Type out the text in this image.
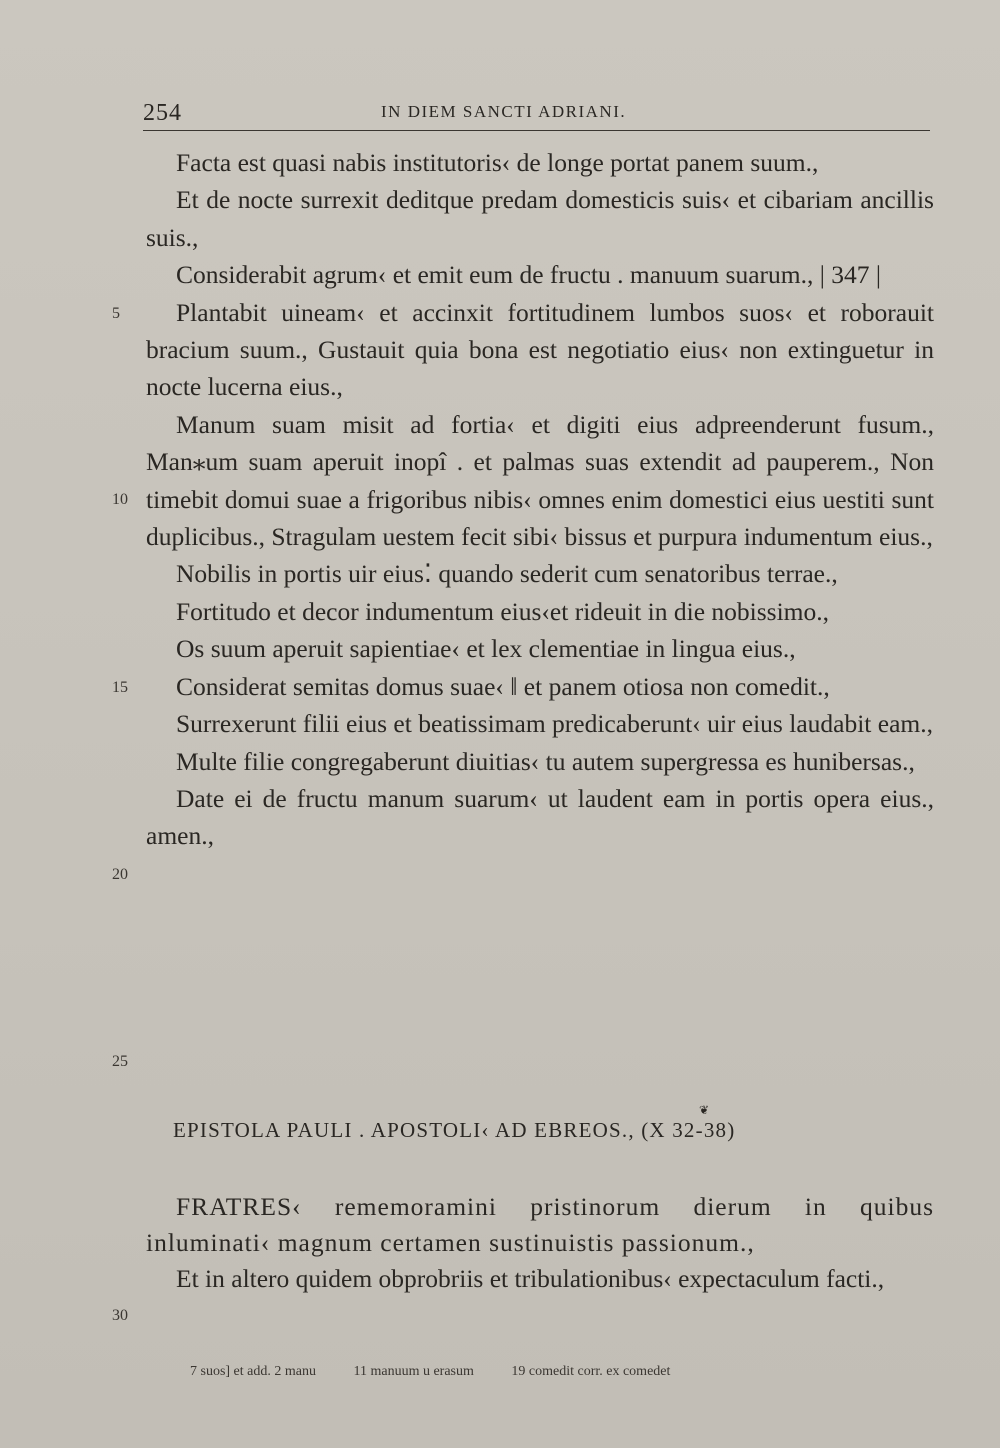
254	IN DIEM SANCTI ADRIANI.

Facta est quasi nabis institutoris‹ de longe portat panem suum.,

Et de nocte surrexit deditque predam domesticis suis‹ et cibariam ancillis suis.,

Considerabit agrum‹ et emit eum de fructu . manuum suarum., | 347 |

Plantabit uineam‹ et accinxit fortitudinem lumbos suos‹ et roborauit bracium suum., Gustauit quia bona est negotiatio eius‹ non extinguetur in nocte lucerna eius.,

Manum suam misit ad fortia‹ et digiti eius adpreenderunt fusum., Man⁎um suam aperuit inopî . et palmas suas extendit ad pauperem., Non timebit domui suae a frigoribus nibis‹ omnes enim domestici eius uestiti sunt duplicibus., Stragulam uestem fecit sibi‹ bissus et purpura indumentum eius.,

Nobilis in portis uir eius⁚ quando sederit cum senatoribus terrae.,

Fortitudo et decor indumentum eius‹et rideuit in die nobissimo.,

Os suum aperuit sapientiae‹ et lex clementiae in lingua eius.,

Considerat semitas domus suae‹ ‖ et panem otiosa non comedit.,

Surrexerunt filii eius et beatissimam predicaberunt‹ uir eius laudabit eam.,

Multe filie congregaberunt diuitias‹ tu autem supergressa es hunibersas.,

Date ei de fructu manum suarum‹ ut laudent eam in portis opera eius., amen.,

5
10
15
20
25
❦
EPISTOLA PAULI . APOSTOLI‹ AD EBREOS., (X 32-38)

FRATRES‹ rememoramini pristinorum dierum in quibus inluminati‹ magnum certamen sustinuistis passionum.,

Et in altero quidem obprobriis et tribulationibus‹ expectaculum facti.,

30
7 suos] et add. 2 manu	11 manuum u erasum	19 comedit corr. ex comedet
